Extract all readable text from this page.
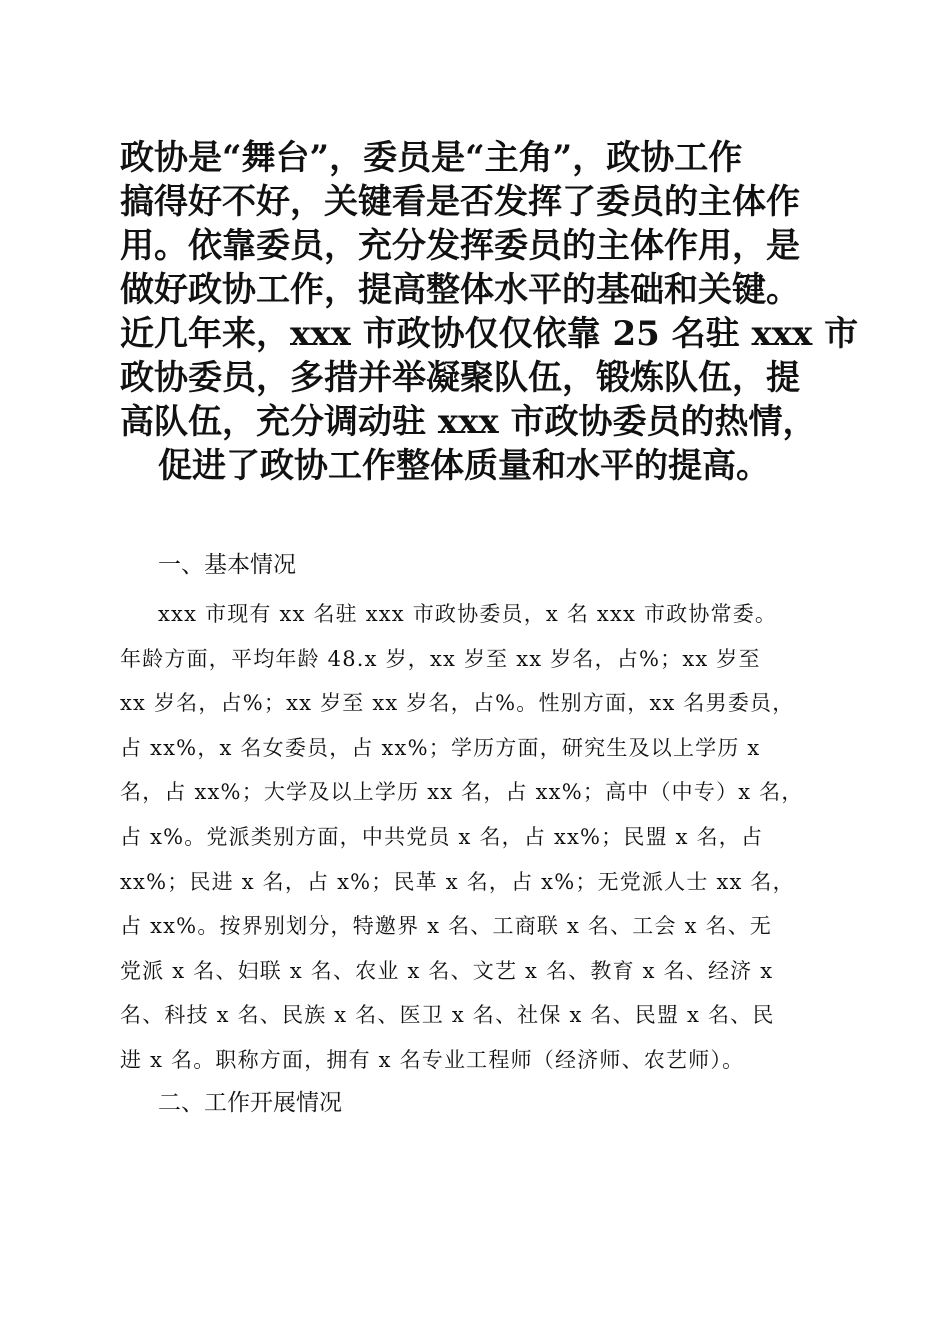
政协是“舞台”，委员是“主角”，政协工作
搞得好不好，关键看是否发挥了委员的主体作
用。依靠委员，充分发挥委员的主体作用，是
做好政协工作，提高整体水平的基础和关键。
近几年来，xxx 市政协仅仅依靠 25 名驻 xxx 市
政协委员，多措并举凝聚队伍，锻炼队伍，提
高队伍，充分调动驻 xxx 市政协委员的热情，
促进了政协工作整体质量和水平的提高。
一、基本情况
xxx 市现有 xx 名驻 xxx 市政协委员，x 名 xxx 市政协常委。
年龄方面，平均年龄 48.x 岁，xx 岁至 xx 岁名，占%；xx 岁至
xx 岁名，占%；xx 岁至 xx 岁名，占%。性别方面，xx 名男委员，
占 xx%，x 名女委员，占 xx%；学历方面，研究生及以上学历 x
名，占 xx%；大学及以上学历 xx 名，占 xx%；高中（中专）x 名，
占 x%。党派类别方面，中共党员 x 名，占 xx%；民盟 x 名，占
xx%；民进 x 名，占 x%；民革 x 名，占 x%；无党派人士 xx 名，
占 xx%。按界别划分，特邀界 x 名、工商联 x 名、工会 x 名、无
党派 x 名、妇联 x 名、农业 x 名、文艺 x 名、教育 x 名、经济 x
名、科技 x 名、民族 x 名、医卫 x 名、社保 x 名、民盟 x 名、民
进 x 名。职称方面，拥有 x 名专业工程师（经济师、农艺师）。
二、工作开展情况
